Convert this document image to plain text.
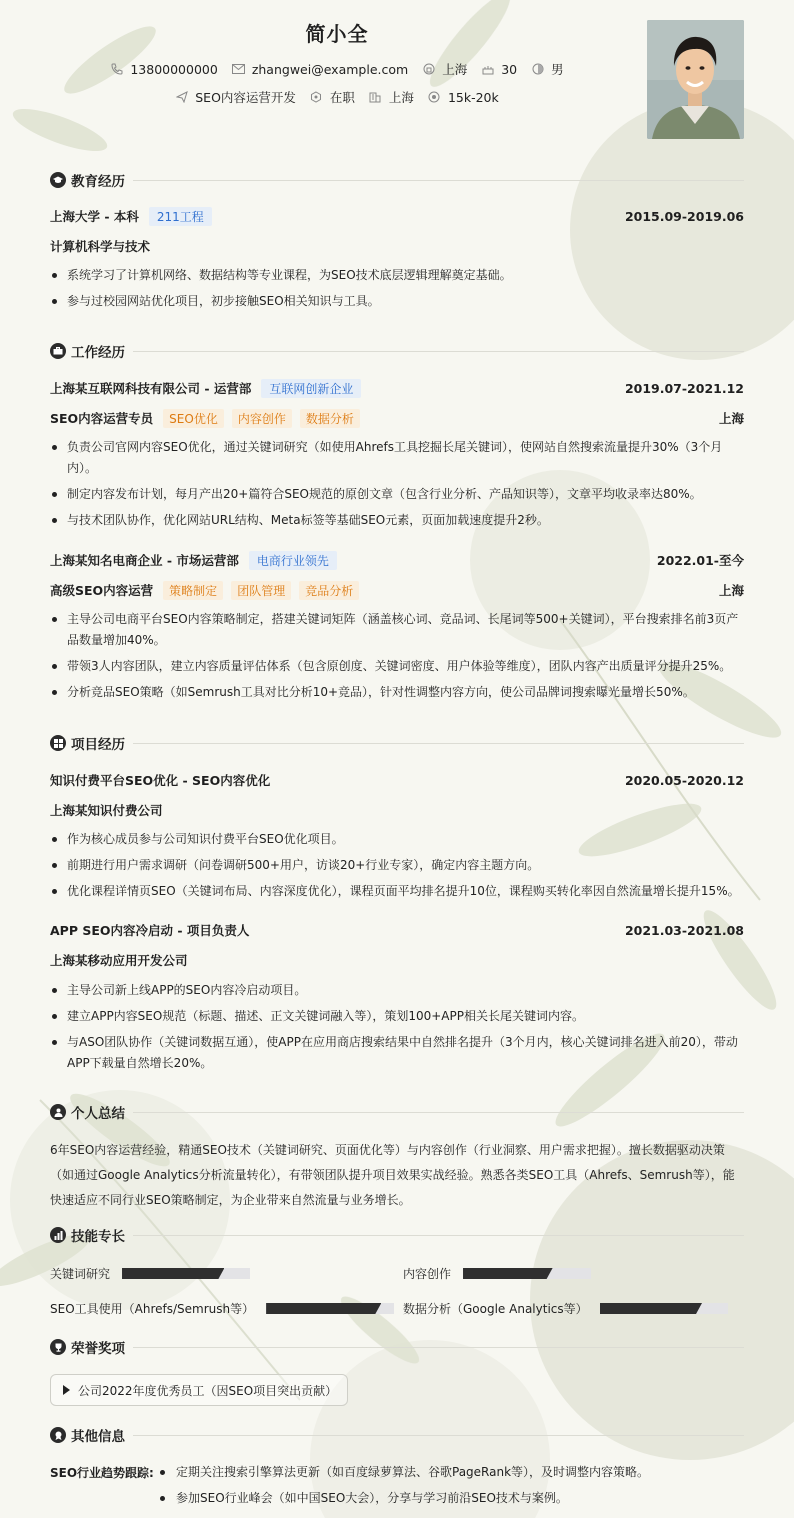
简小全
13800000000	zhangwei@example.com	上海	30	男
SEO内容运营开发	在职	上海	15k-20k
教育经历
上海大学 - 本科	211工程	2015.09-2019.06
计算机科学与技术
系统学习了计算机网络、数据结构等专业课程，为SEO技术底层逻辑理解奠定基础。
参与过校园网站优化项目，初步接触SEO相关知识与工具。
工作经历
上海某互联网科技有限公司 - 运营部	互联网创新企业	2019.07-2021.12
SEO内容运营专员	SEO优化	内容创作	数据分析	上海
负责公司官网内容SEO优化，通过关键词研究（如使用Ahrefs工具挖掘长尾关键词），使网站自然搜索流量提升30%（3个月内）。
制定内容发布计划，每月产出20+篇符合SEO规范的原创文章（包含行业分析、产品知识等），文章平均收录率达80%。
与技术团队协作，优化网站URL结构、Meta标签等基础SEO元素，页面加载速度提升2秒。
上海某知名电商企业 - 市场运营部	电商行业领先	2022.01-至今
高级SEO内容运营	策略制定	团队管理	竞品分析	上海
主导公司电商平台SEO内容策略制定，搭建关键词矩阵（涵盖核心词、竞品词、长尾词等500+关键词），平台搜索排名前3页产品数量增加40%。
带领3人内容团队，建立内容质量评估体系（包含原创度、关键词密度、用户体验等维度），团队内容产出质量评分提升25%。
分析竞品SEO策略（如Semrush工具对比分析10+竞品），针对性调整内容方向，使公司品牌词搜索曝光量增长50%。
项目经历
知识付费平台SEO优化 - SEO内容优化	2020.05-2020.12
上海某知识付费公司
作为核心成员参与公司知识付费平台SEO优化项目。
前期进行用户需求调研（问卷调研500+用户，访谈20+行业专家），确定内容主题方向。
优化课程详情页SEO（关键词布局、内容深度优化），课程页面平均排名提升10位，课程购买转化率因自然流量增长提升15%。
APP SEO内容冷启动 - 项目负责人	2021.03-2021.08
上海某移动应用开发公司
主导公司新上线APP的SEO内容冷启动项目。
建立APP内容SEO规范（标题、描述、正文关键词融入等），策划100+APP相关长尾关键词内容。
与ASO团队协作（关键词数据互通），使APP在应用商店搜索结果中自然排名提升（3个月内，核心关键词排名进入前20），带动APP下载量自然增长20%。
个人总结
6年SEO内容运营经验，精通SEO技术（关键词研究、页面优化等）与内容创作（行业洞察、用户需求把握）。擅长数据驱动决策（如通过Google Analytics分析流量转化），有带领团队提升项目效果实战经验。熟悉各类SEO工具（Ahrefs、Semrush等），能快速适应不同行业SEO策略制定，为企业带来自然流量与业务增长。
技能专长
关键词研究	内容创作
SEO工具使用（Ahrefs/Semrush等）	数据分析（Google Analytics等）
荣誉奖项
公司2022年度优秀员工（因SEO项目突出贡献）
其他信息
SEO行业趋势跟踪:	定期关注搜索引擎算法更新（如百度绿萝算法、谷歌PageRank等），及时调整内容策略。
参加SEO行业峰会（如中国SEO大会），分享与学习前沿SEO技术与案例。
